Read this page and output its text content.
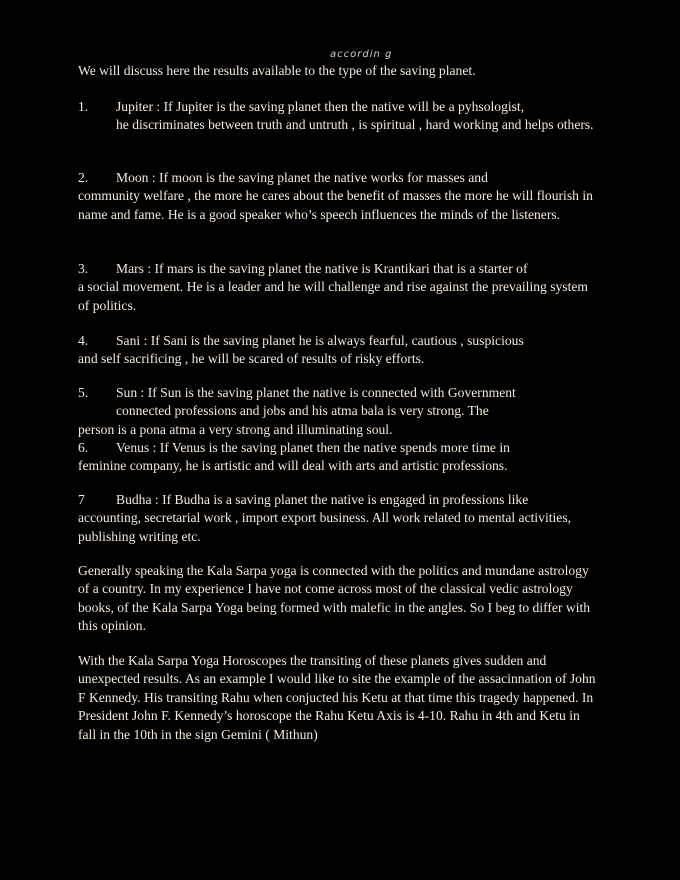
accordin g

We will discuss here the results available to the type of the saving planet.

1. Jupiter : If Jupiter is the saving planet then the native will be a pyhsologist,
he discriminates between truth and untruth , is spiritual , hard working and helps others.
2. Moon : If moon is the saving planet the native works for masses and
community welfare , the more he cares about the benefit of masses the more he will flourish in name and fame. He is a good speaker who’s speech influences the minds of the listeners.
3. Mars : If mars is the saving planet the native is Krantikari that is a starter of
a social movement. He is a leader and he will challenge and rise against the prevailing system of politics.
4. Sani : If Sani is the saving planet he is always fearful, cautious , suspicious
and self sacrificing , he will be scared of results of risky efforts.
5. Sun : If Sun is the saving planet the native is connected with Government
connected professions and jobs and his atma bala is very strong. The
person is a pona atma a very strong and illuminating soul.
6. Venus : If Venus is the saving planet then the native spends more time in
feminine company, he is artistic and will deal with arts and artistic professions.
7 Budha : If Budha is a saving planet the native is engaged in professions like
accounting, secretarial work , import export business. All work related to mental activities, publishing writing etc.

Generally speaking the Kala Sarpa yoga is connected with the politics and mundane astrology of a country. In my experience I have not come across most of the classical vedic astrology books, of the Kala Sarpa Yoga being formed with malefic in the angles. So I beg to differ with this opinion.

With the Kala Sarpa Yoga Horoscopes the transiting of these planets gives sudden and unexpected results. As an example I would like to site the example of the assacinnation of John F Kennedy. His transiting Rahu when conjucted his Ketu at that time this tragedy happened. In President John F. Kennedy’s horoscope the Rahu Ketu Axis is 4-10. Rahu in 4th and Ketu in fall in the 10th in the sign Gemini ( Mithun)
